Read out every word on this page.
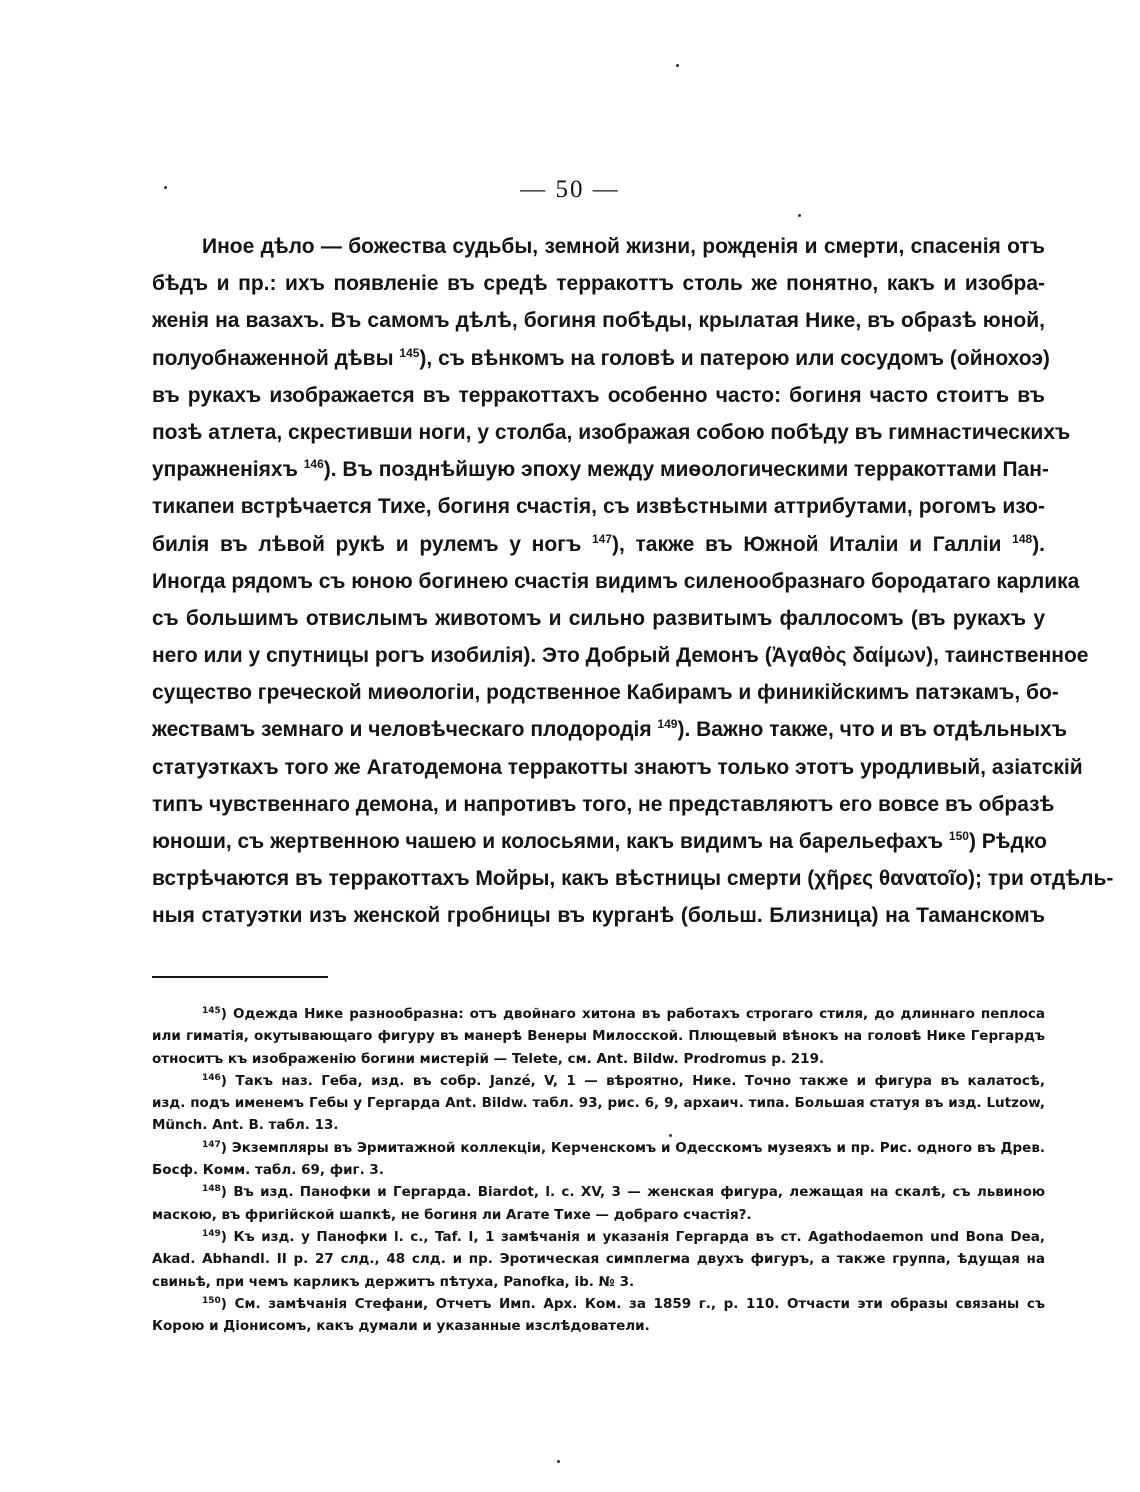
— 50 —
Иное дѣло — божества судьбы, земной жизни, рожденія и смерти, спасенія отъ
бѣдъ и пр.: ихъ появленіе въ средѣ терракоттъ столь же понятно, какъ и изобра-
женія на вазахъ. Въ самомъ дѣлѣ, богиня побѣды, крылатая Нике, въ образѣ юной,
полуобнаженной дѣвы $^{145}$), съ вѣнкомъ на головѣ и патерою или сосудомъ (ойнохоэ)
въ рукахъ изображается въ терракоттахъ особенно часто: богиня часто стоитъ въ
позѣ атлета, скрестивши ноги, у столба, изображая собою побѣду въ гимнастическихъ
упражненіяхъ $^{146}$). Въ позднѣйшую эпоху между миѳологическими терракоттами Пан-
тикапеи встрѣчается Тихе, богиня счастія, съ извѣстными аттрибутами, рогомъ изо-
билія въ лѣвой рукѣ и рулемъ у ногъ $^{147}$), также въ Южной Италіи и Галліи $^{148}$).
Иногда рядомъ съ юною богинею счастія видимъ силенообразнаго бородатаго карлика
съ большимъ отвислымъ животомъ и сильно развитымъ фаллосомъ (въ рукахъ у
него или у спутницы рогъ изобилія). Это Добрый Демонъ (Ἀγαθὸς δαίμων), таинственное
существо греческой миѳологіи, родственное Кабирамъ и финикійскимъ патэкамъ, бо-
жествамъ земнаго и человѣческаго плодородія $^{149}$). Важно также, что и въ отдѣльныхъ
статуэткахъ того же Агатодемона терракотты знаютъ только этотъ уродливый, азіатскій
типъ чувственнаго демона, и напротивъ того, не представляютъ его вовсе въ образѣ
юноши, съ жертвенною чашею и колосьями, какъ видимъ на барельефахъ $^{150}$) Рѣдко
встрѣчаются въ терракоттахъ Мойры, какъ вѣстницы смерти (χῆρες θανατοῖο); три отдѣль-
ныя статуэтки изъ женской гробницы въ курганѣ (больш. Близница) на Таманскомъ
$^{145}$) Одежда Нике разнообразна: отъ двойнаго хитона въ работахъ строгаго стиля, до длиннаго пеплоса
или гиматія, окутывающаго фигуру въ манерѣ Венеры Милосской. Плющевый вѣнокъ на головѣ Нике Гергардъ
относитъ къ изображенію богини мистерій — Telete, см. Ant. Bildw. Prodromus p. 219.
$^{146}$) Такъ наз. Геба, изд. въ собр. Janzé, V, 1 — вѣроятно, Нике. Точно также и фигура въ калатосѣ,
изд. подъ именемъ Гебы у Гергарда Ant. Bildw. табл. 93, рис. 6, 9, архаич. типа. Большая статуя въ изд. Lutzow,
Münch. Ant. B. табл. 13.
$^{147}$) Экземпляры въ Эрмитажной коллекціи, Керченскомъ и Одесскомъ музеяхъ и пр. Рис. одного въ Древ.
Босф. Комм. табл. 69, фиг. 3.
$^{148}$) Въ изд. Панофки и Гергарда. Biardot, l. c. XV, 3 — женская фигура, лежащая на скалѣ, съ львиною
маскою, въ фригійской шапкѣ, не богиня ли Агате Тихе — добраго счастія?.
$^{149}$) Къ изд. у Панофки l. c., Taf. I, 1 замѣчанія и указанія Гергарда въ ст. Agathodaemon und Bona Dea,
Akad. Abhandl. II p. 27 слд., 48 слд. и пр. Эротическая симплегма двухъ фигуръ, а также группа, ѣдущая на
свиньѣ, при чемъ карликъ держитъ пѣтуха, Panofka, ib. № 3.
$^{150}$) См. замѣчанія Стефани, Отчетъ Имп. Арх. Ком. за 1859 г., р. 110. Отчасти эти образы связаны съ
Корою и Діонисомъ, какъ думали и указанные изслѣдователи.
